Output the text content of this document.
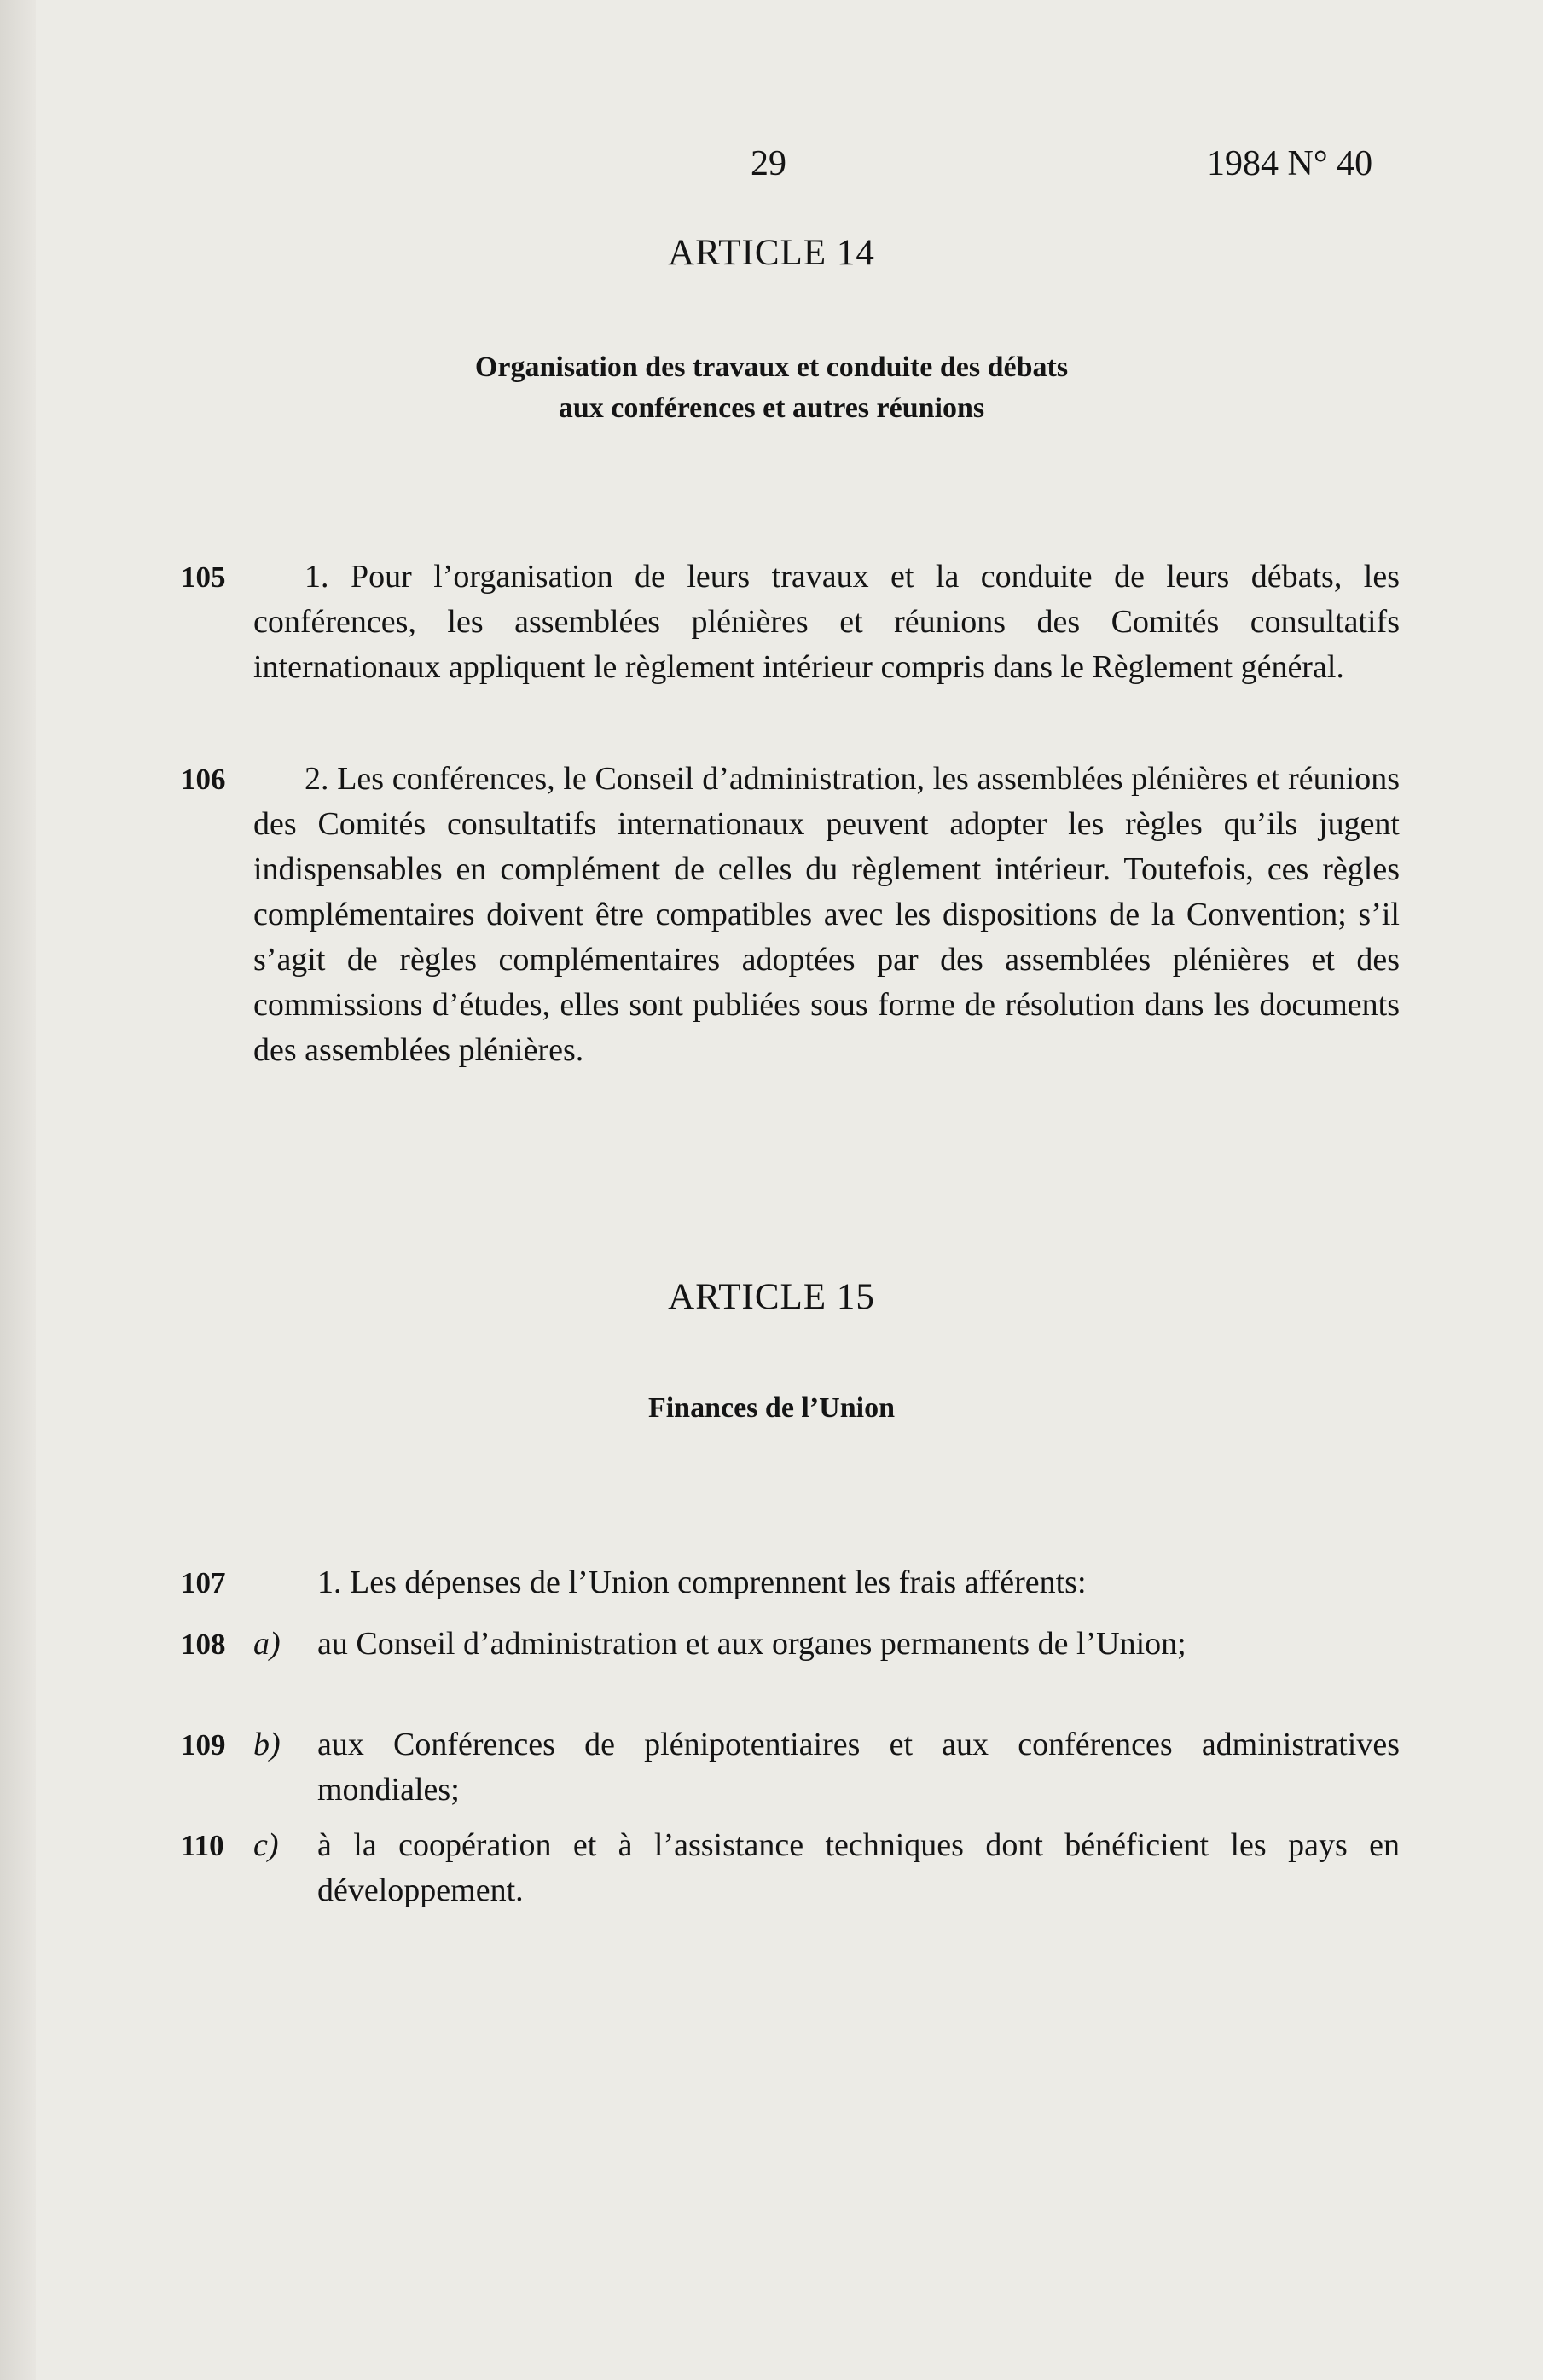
29	1984 N° 40
ARTICLE 14
Organisation des travaux et conduite des débats
aux conférences et autres réunions
105	1. Pour l’organisation de leurs travaux et la conduite de leurs débats, les conférences, les assemblées plénières et réunions des Comités consultatifs internationaux appliquent le règlement intérieur compris dans le Règlement général.
106	2. Les conférences, le Conseil d’administration, les assemblées plénières et réunions des Comités consultatifs internationaux peuvent adopter les règles qu’ils jugent indispensables en complément de celles du règlement intérieur. Toutefois, ces règles complémentaires doivent être compatibles avec les dispositions de la Convention; s’il s’agit de règles complémentaires adoptées par des assemblées plénières et des commissions d’études, elles sont publiées sous forme de résolution dans les documents des assemblées plénières.
ARTICLE 15
Finances de l’Union
107	1. Les dépenses de l’Union comprennent les frais afférents:
108 a) au Conseil d’administration et aux organes permanents de l’Union;
109 b) aux Conférences de plénipotentiaires et aux conférences administratives mondiales;
110 c) à la coopération et à l’assistance techniques dont bénéficient les pays en développement.
